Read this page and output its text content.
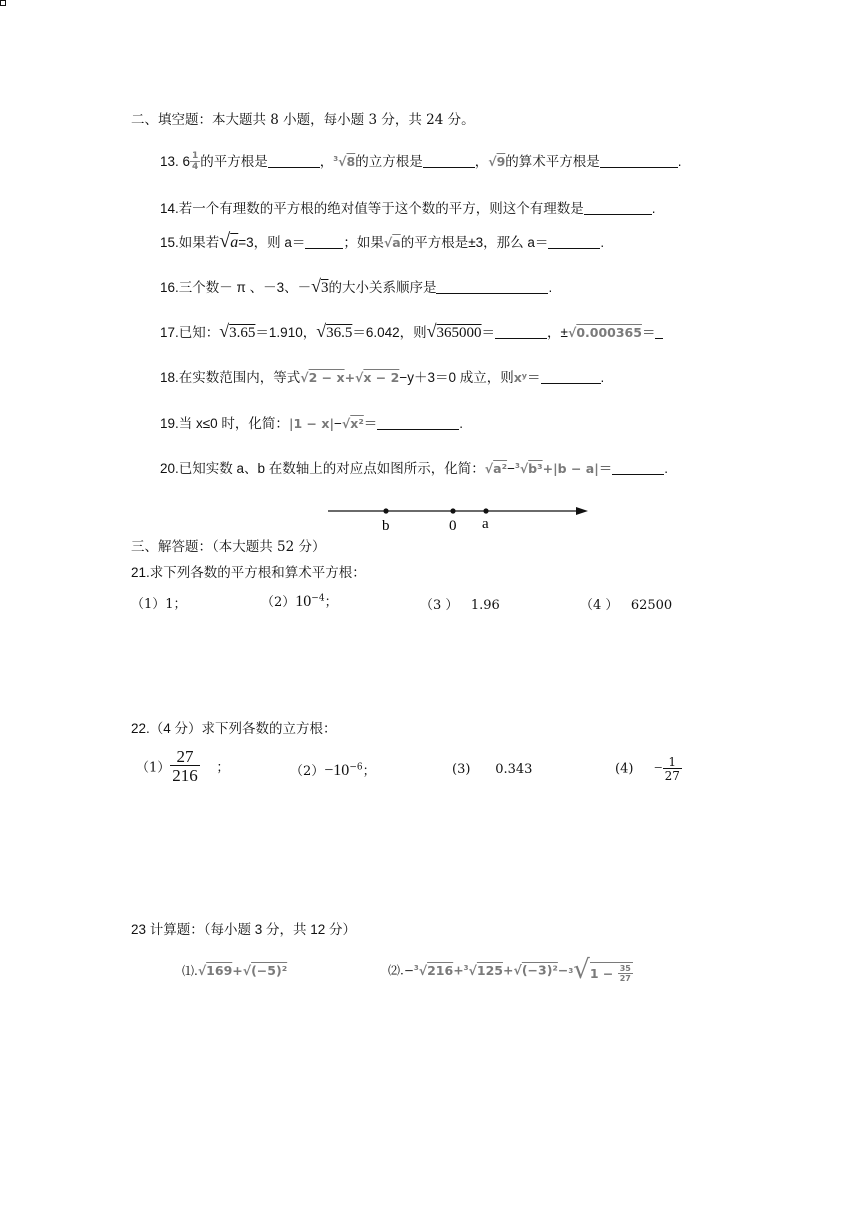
二、填空题：本大题共 8 小题，每小题 3 分，共 24 分。
13. $6 \frac{1}{4}$ 的平方根是	，$^3$√8的立方根是	，√9的算术平方根是	.
14.若一个有理数的平方根的绝对值等于这个数的平方，则这个有理数是	.
15.如果若√a=3，则 a＝	；如果√a的平方根是±3，那么 a＝	.
16.三个数－ π 、－3、－√3的大小关系顺序是	.
17.已知：√3.65＝1.910，√36.5＝6.042，则√365000＝	，±√0.000365＝
18.在实数范围内，等式√2 − x+√x − 2−y＋3＝0 成立，则xʸ＝	.
19.当 x≤0 时，化简：|1 − x|−√x²＝	.
20.已知实数 a、b 在数轴上的对应点如图所示，化简：√a²−$^3$√b³+|b − a|＝	.
b	0 a
三、解答题：（本大题共 52 分）
21.求下列各数的平方根和算术平方根：
（1）1；	$(2)10^{-4}$；	（3 ） 1.96	（4 ） 62500
22.（4 分）求下列各数的立方根：
$(1) \frac{27}{216}$ ；	$(2)-10^{-6}$；	(3) 0.343	$(4) - \frac{1}{27}$
23 计算题：（每小题 3 分，共 12 分）
⑴.√169+√(−5)²	⑵.−$^3$√216+$^3$√125+√(−3)²−$^3$√ 1 −
$\frac{35}{27}$
